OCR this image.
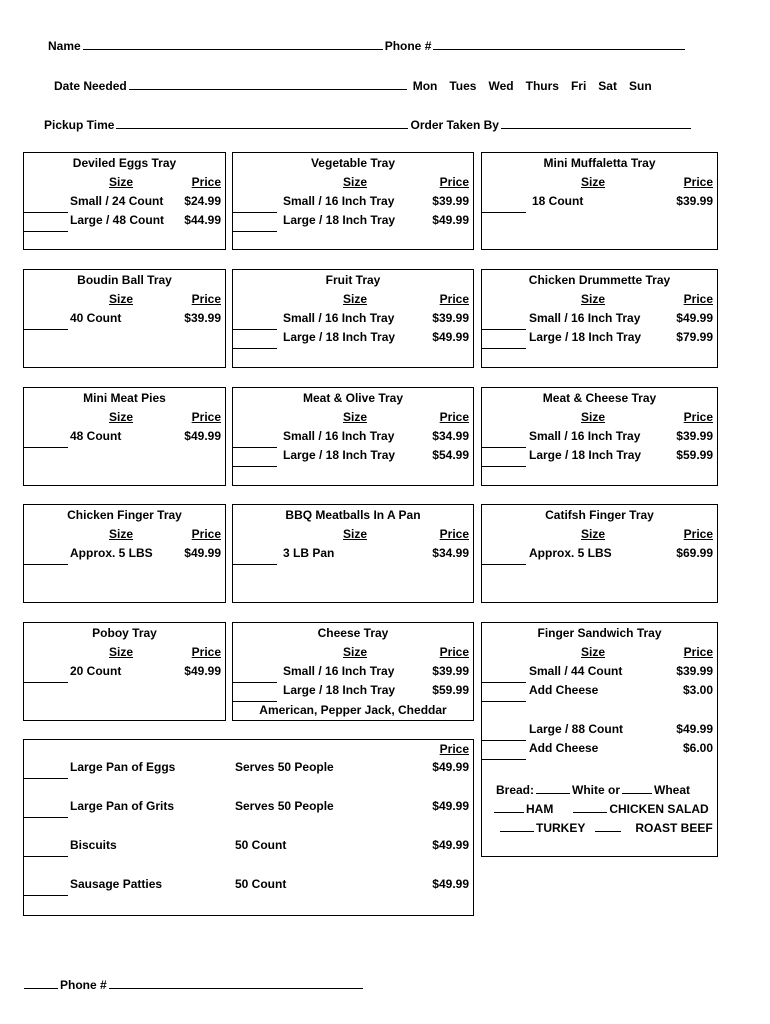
Name	Phone #
Date Needed	Mon Tues Wed Thurs Fri Sat Sun
Pickup Time	Order Taken By
Deviled Eggs Tray
Size	Price
Small / 24 Count $24.99
Large / 48 Count $44.99
Vegetable Tray
Size	Price
Small / 16 Inch Tray	$39.99
Large / 18 Inch Tray	$49.99
Mini Muffaletta Tray
Size	Price
18 Count	$39.99
Boudin Ball Tray
Size	Price
40 Count	$39.99
Fruit Tray
Size	Price
Small / 16 Inch Tray	$39.99
Large / 18 Inch Tray	$49.99
Chicken Drummette Tray
Size	Price
Small / 16 Inch Tray	$49.99
Large / 18 Inch Tray	$79.99
Mini Meat Pies
Size	Price
48 Count	$49.99
Meat & Olive Tray
Size	Price
Small / 16 Inch Tray	$34.99
Large / 18 Inch Tray	$54.99
Meat & Cheese Tray
Size	Price
Small / 16 Inch Tray	$39.99
Large / 18 Inch Tray	$59.99
Chicken Finger Tray
Size	Price
Approx. 5 LBS	$49.99
BBQ Meatballs In A Pan
Size	Price
3 LB Pan	$34.99
Catifsh Finger Tray
Size	Price
Approx. 5 LBS	$69.99
Poboy Tray
Size	Price
20 Count	$49.99
Cheese Tray
Size	Price
Small / 16 Inch Tray	$39.99
Large / 18 Inch Tray	$59.99
American, Pepper Jack, Cheddar
Finger Sandwich Tray
Size	Price
Small / 44 Count	$39.99
Add Cheese	$3.00
Large / 88 Count	$49.99
Add Cheese	$6.00
Bread:	White or	Wheat
HAM	CHICKEN SALAD
TURKEY	ROAST BEEF
Price
Large Pan of Eggs	Serves 50 People	$49.99
Large Pan of Grits	Serves 50 People	$49.99
Biscuits	50 Count	$49.99
Sausage Patties	50 Count	$49.99
Phone #
